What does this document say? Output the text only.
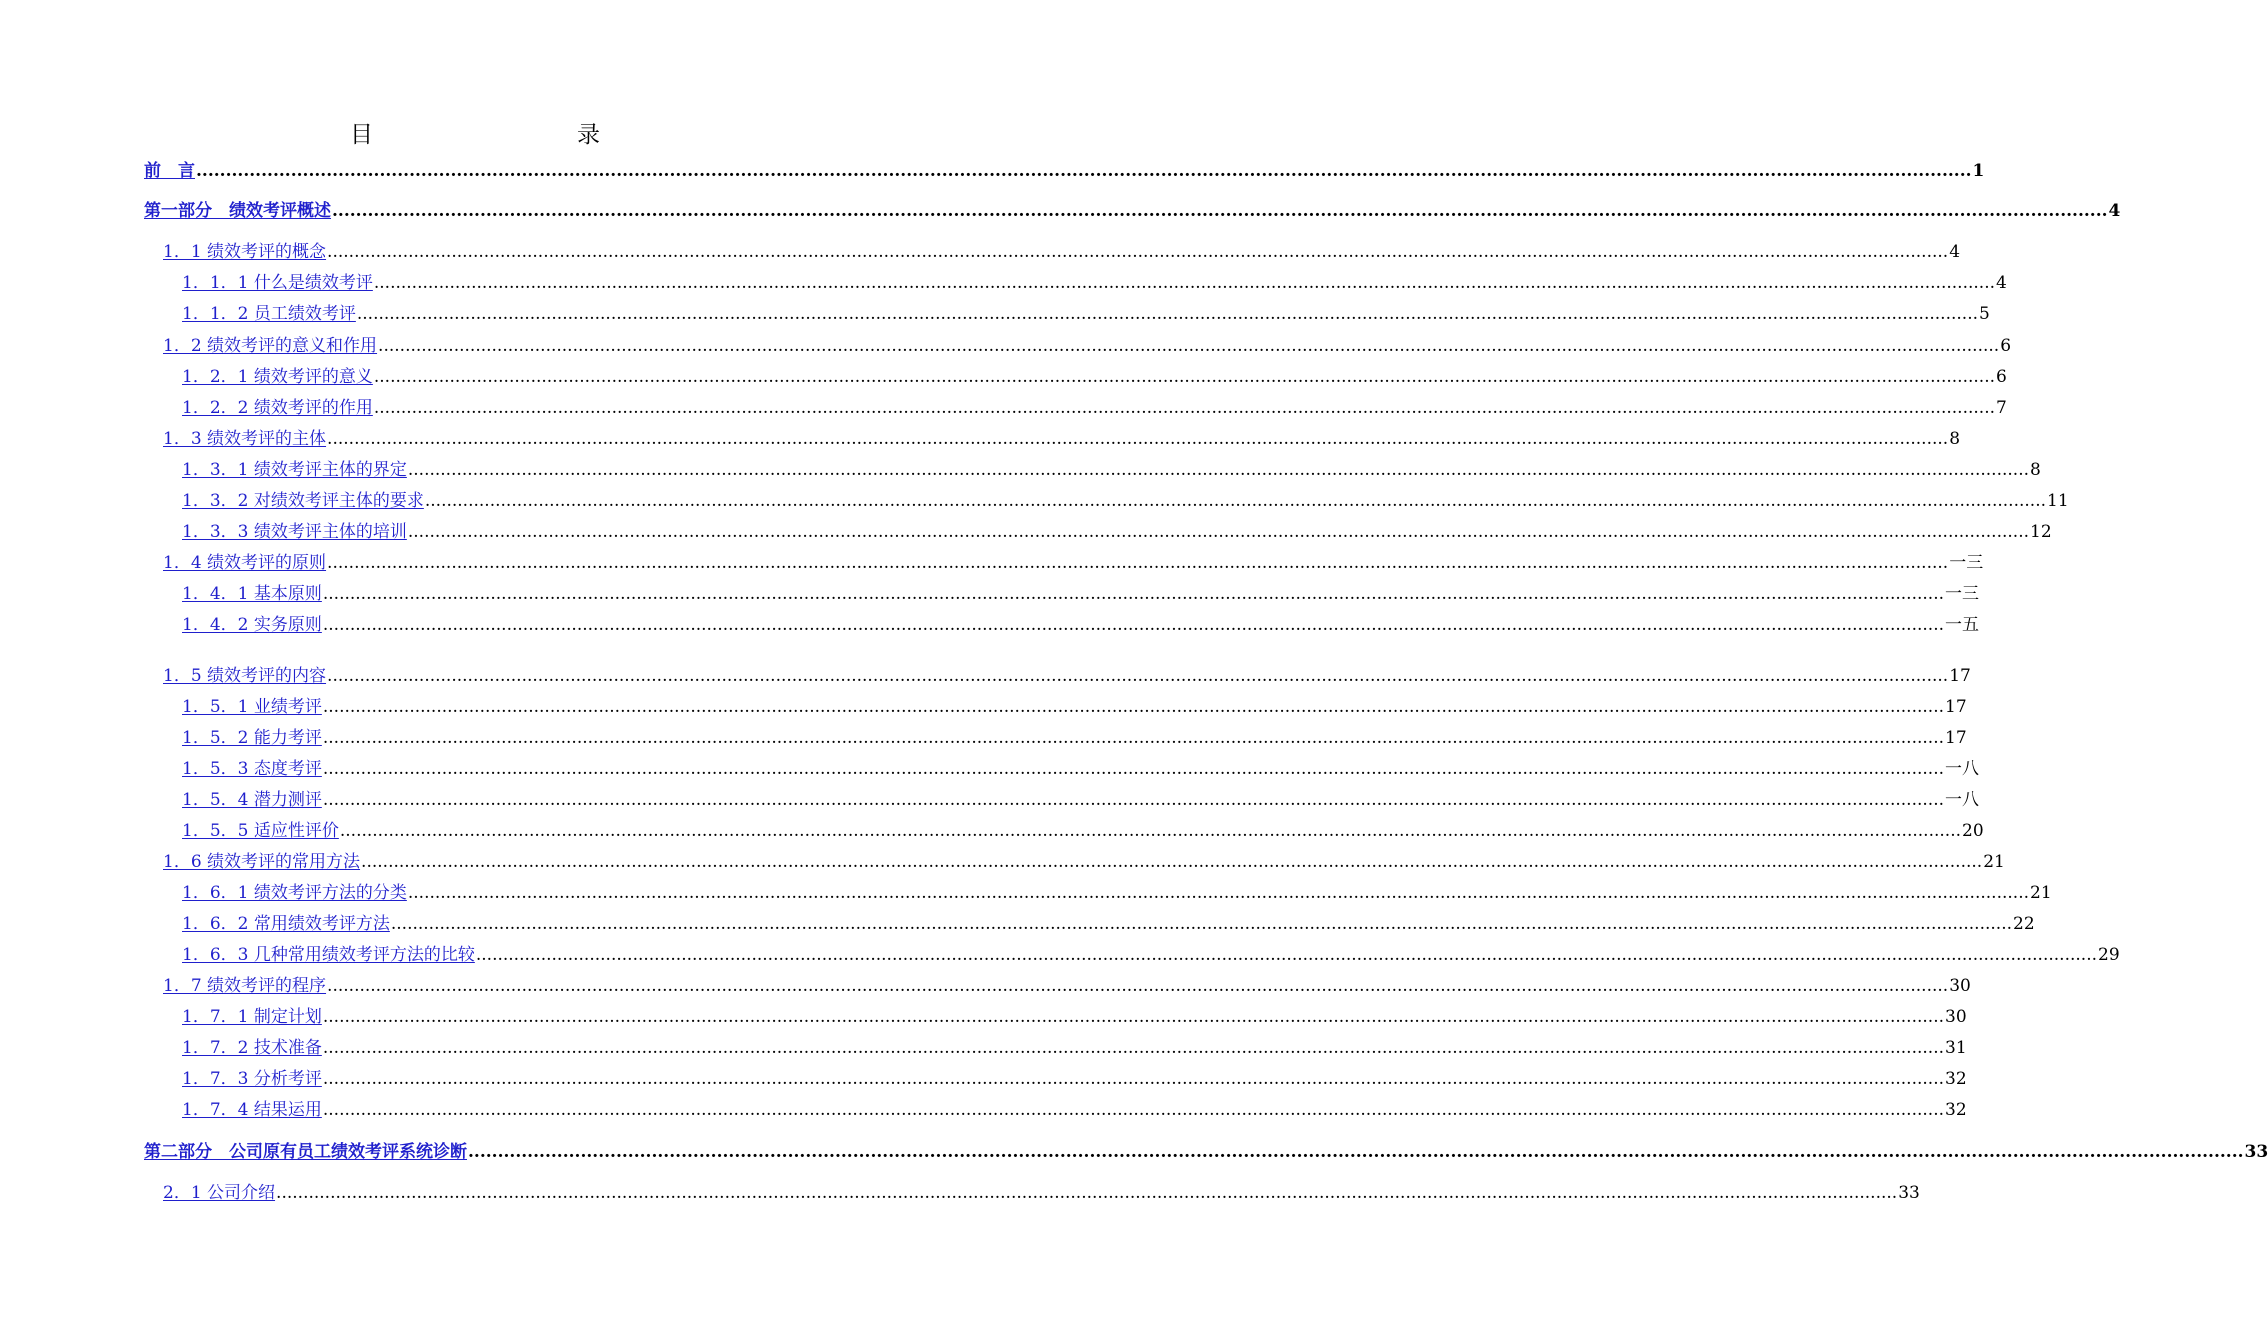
目	录
前　言 ............................................................................................................................................................................................................................................................................................................ 1
第一部分　绩效考评概述 ............................................................................................................................................................................................................................................................................................................ 4
1．1 绩效考评的概念 ............................................................................................................................................................................................................................................................................................................ 4
1．1．1 什么是绩效考评 ............................................................................................................................................................................................................................................................................................................ 4
1．1．2 员工绩效考评 ............................................................................................................................................................................................................................................................................................................ 5
1．2 绩效考评的意义和作用 ............................................................................................................................................................................................................................................................................................................ 6
1．2．1 绩效考评的意义 ............................................................................................................................................................................................................................................................................................................ 6
1．2．2 绩效考评的作用 ............................................................................................................................................................................................................................................................................................................ 7
1．3 绩效考评的主体 ............................................................................................................................................................................................................................................................................................................ 8
1．3．1 绩效考评主体的界定 ............................................................................................................................................................................................................................................................................................................ 8
1．3．2 对绩效考评主体的要求 ............................................................................................................................................................................................................................................................................................................ 11
1．3．3 绩效考评主体的培训 ............................................................................................................................................................................................................................................................................................................ 12
1．4 绩效考评的原则 ............................................................................................................................................................................................................................................................................................................ 一三
1．4．1 基本原则 ............................................................................................................................................................................................................................................................................................................ 一三
1．4．2 实务原则 ............................................................................................................................................................................................................................................................................................................ 一五
1．5 绩效考评的内容 ............................................................................................................................................................................................................................................................................................................ 17
1．5．1 业绩考评 ............................................................................................................................................................................................................................................................................................................ 17
1．5．2 能力考评 ............................................................................................................................................................................................................................................................................................................ 17
1．5．3 态度考评 ............................................................................................................................................................................................................................................................................................................ 一八
1．5．4 潜力测评 ............................................................................................................................................................................................................................................................................................................ 一八
1．5．5 适应性评价 ............................................................................................................................................................................................................................................................................................................ 20
1．6 绩效考评的常用方法 ............................................................................................................................................................................................................................................................................................................ 21
1．6．1 绩效考评方法的分类 ............................................................................................................................................................................................................................................................................................................ 21
1．6．2 常用绩效考评方法 ............................................................................................................................................................................................................................................................................................................ 22
1．6．3 几种常用绩效考评方法的比较 ............................................................................................................................................................................................................................................................................................................ 29
1．7 绩效考评的程序 ............................................................................................................................................................................................................................................................................................................ 30
1．7．1 制定计划 ............................................................................................................................................................................................................................................................................................................ 30
1．7．2 技术准备 ............................................................................................................................................................................................................................................................................................................ 31
1．7．3 分析考评 ............................................................................................................................................................................................................................................................................................................ 32
1．7．4 结果运用 ............................................................................................................................................................................................................................................................................................................ 32
第二部分　公司原有员工绩效考评系统诊断 ............................................................................................................................................................................................................................................................................................................ 33
2．1 公司介绍 ............................................................................................................................................................................................................................................................................................................ 33
